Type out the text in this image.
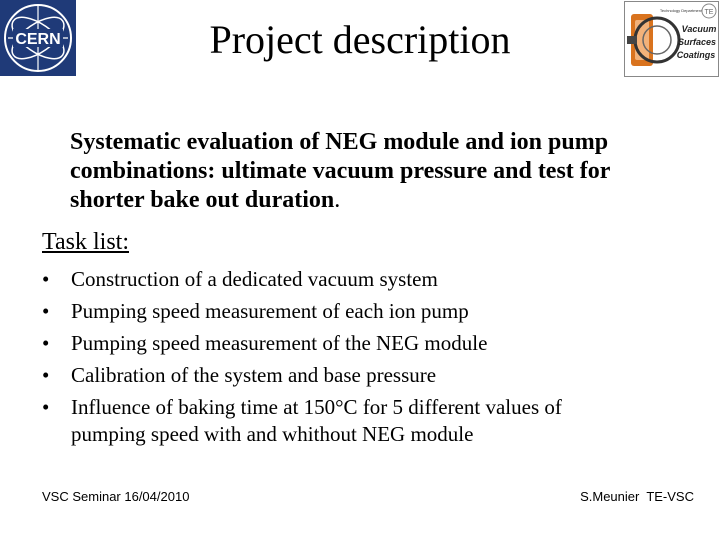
CERN
Technology Department TE
Vacuum
Surfaces
Coatings
Project description

Systematic evaluation of NEG module and ion pump combinations: ultimate vacuum pressure and test for shorter bake out duration.

Task list:

• Construction of a dedicated vacuum system
• Pumping speed measurement of each ion pump
• Pumping speed measurement of the NEG module
• Calibration of the system and base pressure
• Influence of baking time at 150°C for 5 different values of
pumping speed with and whithout NEG module
VSC Seminar 16/04/2010	S.Meunier  TE-VSC
